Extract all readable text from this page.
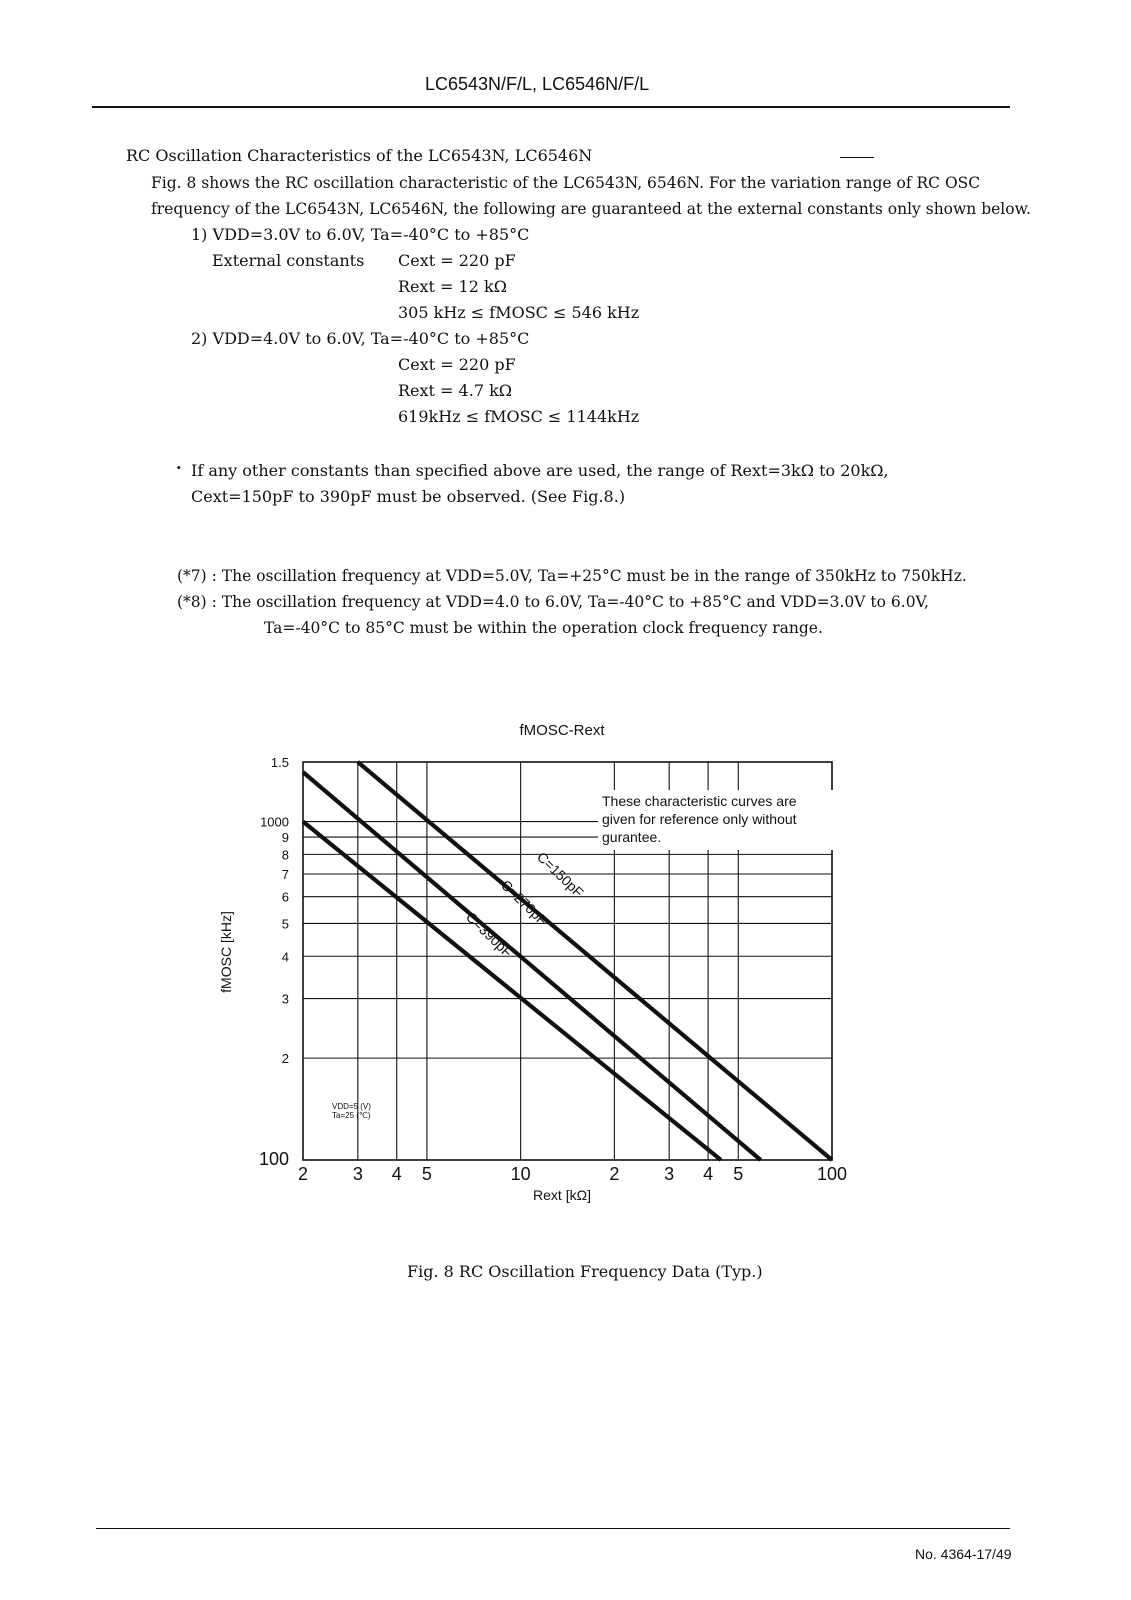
LC6543N/F/L, LC6546N/F/L
RC Oscillation Characteristics of the LC6543N, LC6546N
Fig. 8 shows the RC oscillation characteristic of the LC6543N, 6546N. For the variation range of RC OSC
frequency of the LC6543N, LC6546N, the following are guaranteed at the external constants only shown below.
1) VDD=3.0V to 6.0V, Ta=-40°C to +85°C
External constants Cext = 220 pF
Rext = 12 kΩ
305 kHz ≤ fMOSC ≤ 546 kHz
2) VDD=4.0V to 6.0V, Ta=-40°C to +85°C
Cext = 220 pF
Rext = 4.7 kΩ
619kHz ≤ fMOSC ≤ 1144kHz
· If any other constants than specified above are used, the range of Rext=3kΩ to 20kΩ,
Cext=150pF to 390pF must be observed. (See Fig.8.)
(*7) : The oscillation frequency at VDD=5.0V, Ta=+25°C must be in the range of 350kHz to 750kHz.
(*8) : The oscillation frequency at VDD=4.0 to 6.0V, Ta=-40°C to +85°C and VDD=3.0V to 6.0V,
Ta=-40°C to 85°C must be within the operation clock frequency range.
fMOSC-Rext
1.5
1000
9
8
7
6
5
4
3
2
100
2 3 4 5	10	2 3 4 5	100
These characteristic curves are
given for reference only without
gurantee.
VDD=5 (V)
Ta=25 (℃)
C=150pF
C=270pF
C=390pF
Rext [kΩ]
fMOSC [kHz]
Fig. 8 RC Oscillation Frequency Data (Typ.)
No. 4364-17/49
